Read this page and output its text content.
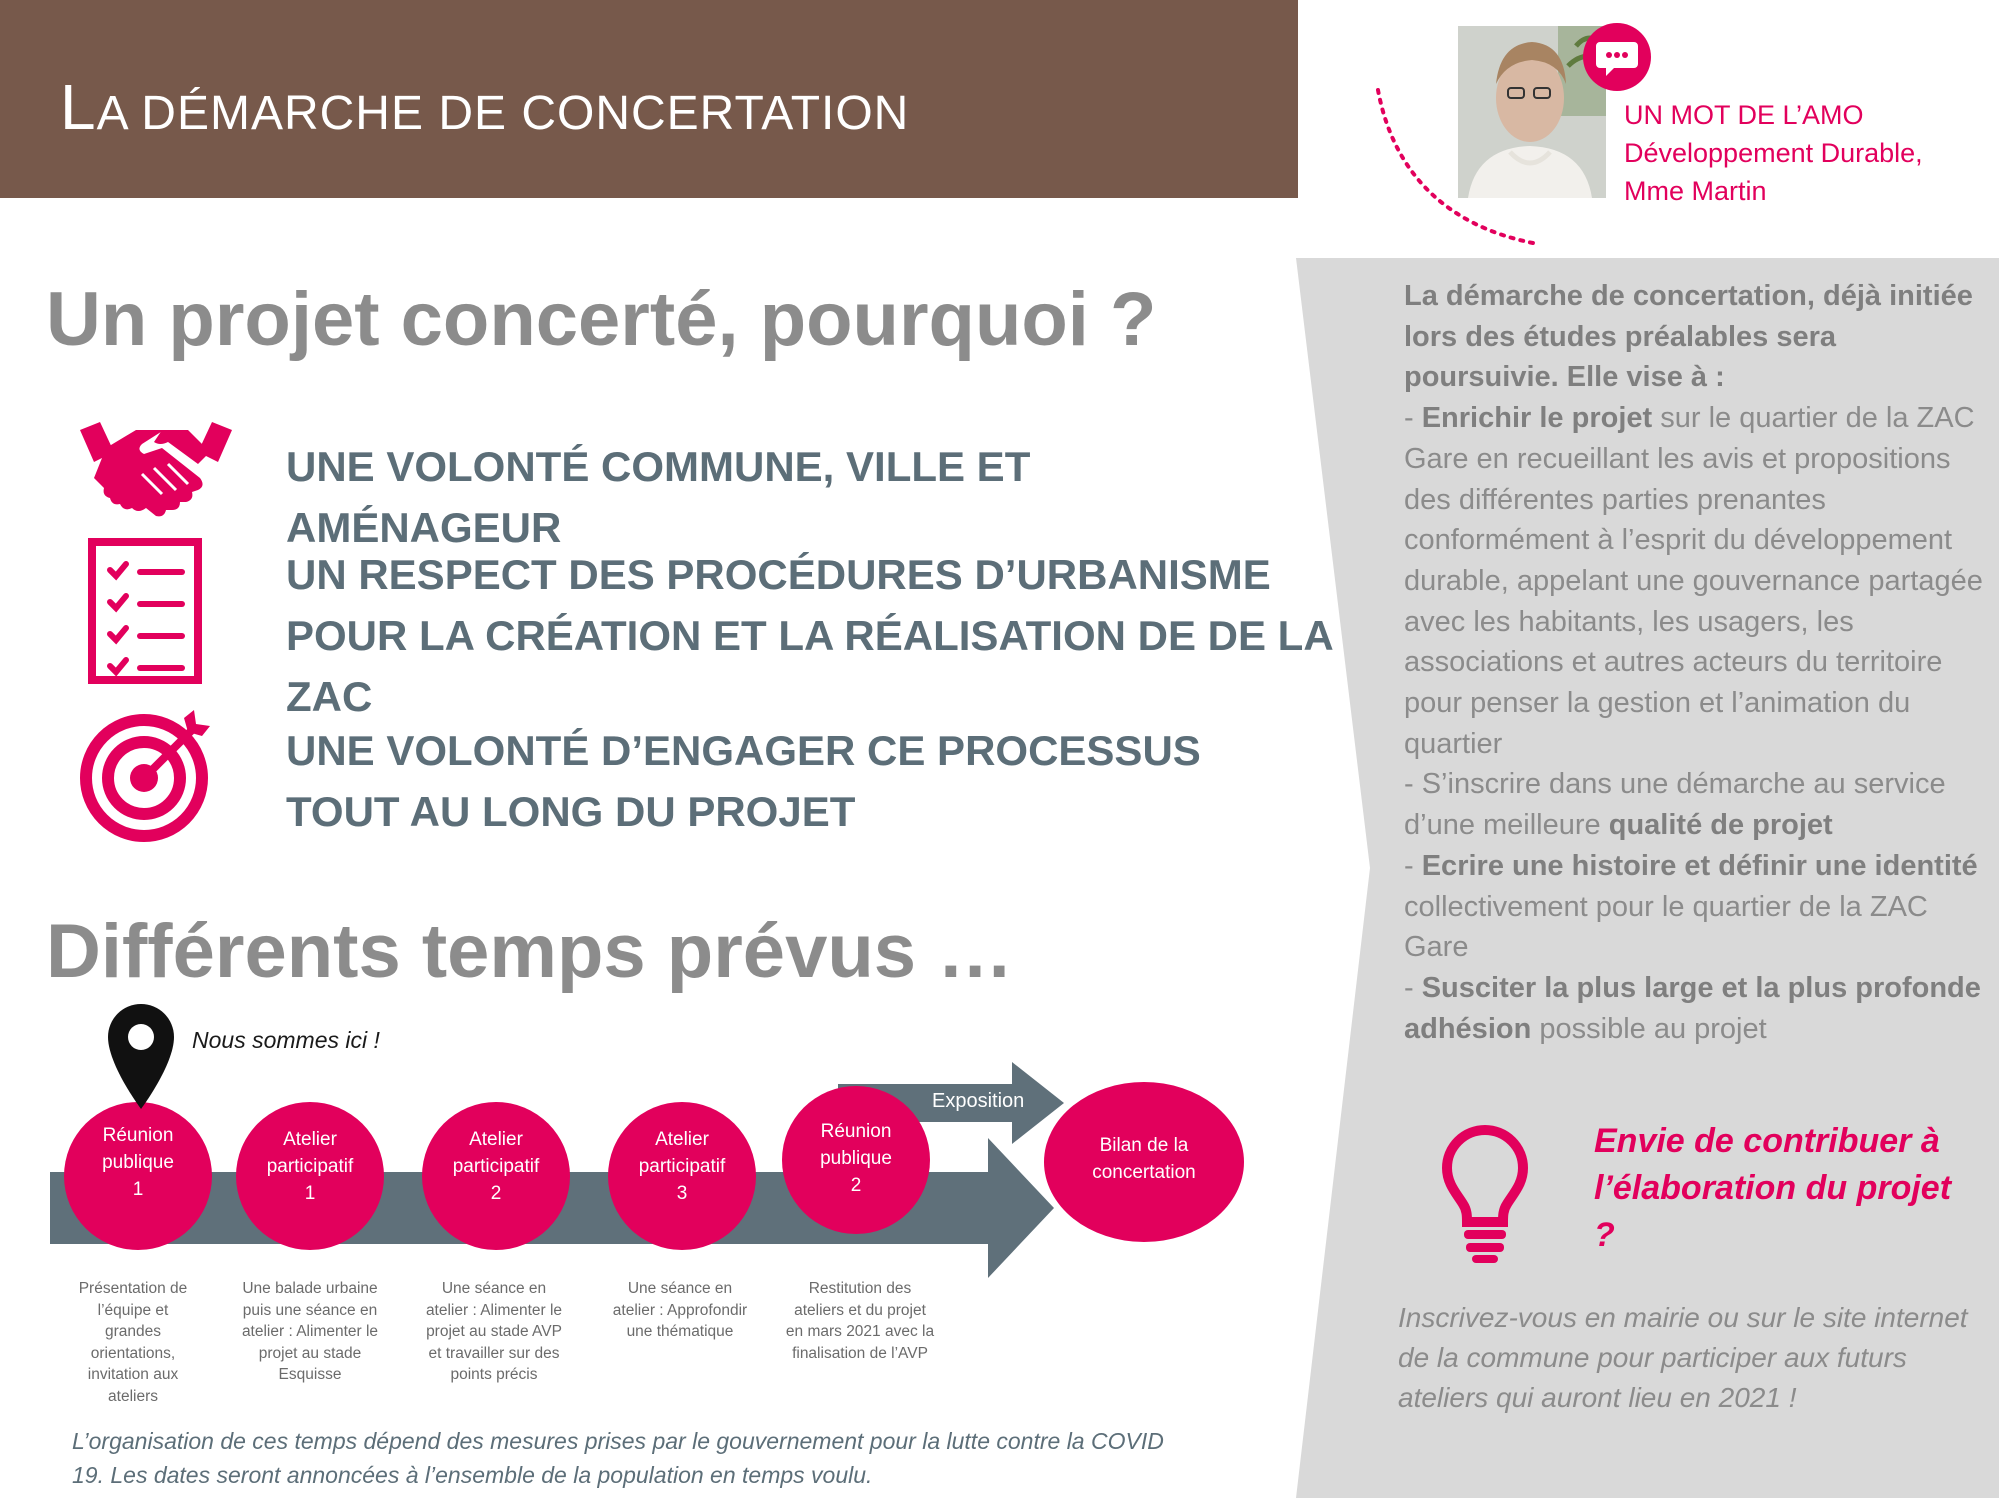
LA DÉMARCHE DE CONCERTATION	UN MOT DE L’AMO
Développement Durable,
Mme Martin
Un projet concerté, pourquoi ?
UNE VOLONTÉ COMMUNE, VILLE ET
AMÉNAGEUR
UN RESPECT DES PROCÉDURES D’URBANISME
POUR LA CRÉATION ET LA RÉALISATION DE DE LA
ZAC
UNE VOLONTÉ D’ENGAGER CE PROCESSUS
TOUT AU LONG DU PROJET
Différents temps prévus …
Nous sommes ici !
Exposition
Réunion
publique
1
Atelier
participatif
1
Atelier
participatif
2
Atelier
participatif
3
Réunion
publique
2
Bilan de la
concertation
Présentation de
l’équipe et
grandes
orientations,
invitation aux
ateliers
Une balade urbaine
puis une séance en
atelier : Alimenter le
projet au stade
Esquisse
Une séance en
atelier : Alimenter le
projet au stade AVP
et travailler sur des
points précis
Une séance en
atelier : Approfondir
une thématique
Restitution des
ateliers et du projet
en mars 2021 avec la
finalisation de l’AVP
L’organisation de ces temps dépend des mesures prises par le gouvernement pour la lutte contre la COVID
19. Les dates seront annoncées à l’ensemble de la population en temps voulu.
La démarche de concertation, déjà initiée lors des études préalables sera poursuivie. Elle vise à :
- Enrichir le projet sur le quartier de la ZAC Gare en recueillant les avis et propositions des différentes parties prenantes conformément à l’esprit du développement durable, appelant une gouvernance partagée avec les habitants, les usagers, les associations et autres acteurs du territoire pour penser la gestion et l’animation du quartier
- S’inscrire dans une démarche au service d’une meilleure qualité de projet
- Ecrire une histoire et définir une identité collectivement pour le quartier de la ZAC Gare
- Susciter la plus large et la plus profonde adhésion possible au projet
Envie de contribuer à l’élaboration du projet ?
Inscrivez-vous en mairie ou sur le site internet de la commune pour participer aux futurs ateliers qui auront lieu en 2021 !
